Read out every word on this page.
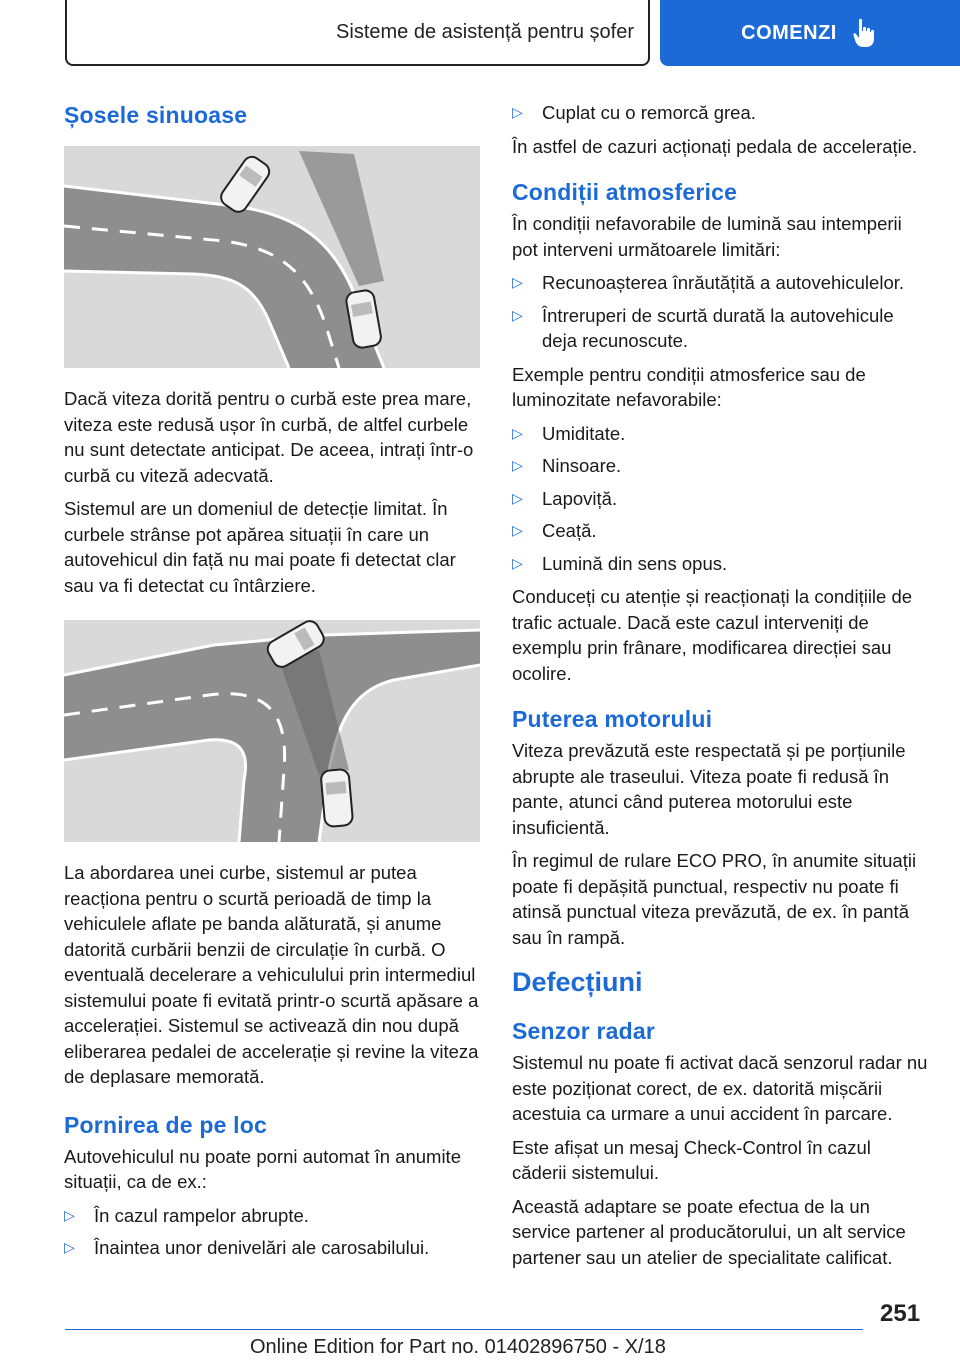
Sisteme de asistență pentru șofer	COMENZI
Șosele sinuoase

Dacă viteza dorită pentru o curbă este prea mare, viteza este redusă ușor în curbă, de altfel curbele nu sunt detectate anticipat. De aceea, intrați într-o curbă cu viteză adecvată.

Sistemul are un domeniul de detecție limitat. În curbele strânse pot apărea situații în care un autovehicul din față nu mai poate fi detectat clar sau va fi detectat cu întârziere.

La abordarea unei curbe, sistemul ar putea reacționa pentru o scurtă perioadă de timp la vehiculele aflate pe banda alăturată, și anume datorită curbării benzii de circulație în curbă. O eventuală decelerare a vehiculului prin intermediul sistemului poate fi evitată printr-o scurtă apăsare a accelerației. Sistemul se activează din nou după eliberarea pedalei de accelerație și revine la viteza de deplasare memorată.

Pornirea de pe loc

Autovehiculul nu poate porni automat în anumite situații, ca de ex.:

▷ În cazul rampelor abrupte.
▷ Înaintea unor denivelări ale carosabilului.
▷ Cuplat cu o remorcă grea.

În astfel de cazuri acționați pedala de accelerație.

Condiții atmosferice

În condiții nefavorabile de lumină sau intemperii pot interveni următoarele limitări:

▷ Recunoașterea înrăutățită a autovehiculelor.
▷ Întreruperi de scurtă durată la autovehicule deja recunoscute.

Exemple pentru condiții atmosferice sau de luminozitate nefavorabile:

▷ Umiditate.
▷ Ninsoare.
▷ Lapoviță.
▷ Ceață.
▷ Lumină din sens opus.

Conduceți cu atenție și reacționați la condițiile de trafic actuale. Dacă este cazul interveniți de exemplu prin frânare, modificarea direcției sau ocolire.

Puterea motorului

Viteza prevăzută este respectată și pe porțiunile abrupte ale traseului. Viteza poate fi redusă în pante, atunci când puterea motorului este insuficientă.

În regimul de rulare ECO PRO, în anumite situații poate fi depășită punctual, respectiv nu poate fi atinsă punctual viteza prevăzută, de ex. în pantă sau în rampă.

Defecțiuni
Senzor radar

Sistemul nu poate fi activat dacă senzorul radar nu este poziționat corect, de ex. datorită mișcării acestuia ca urmare a unui accident în parcare.

Este afișat un mesaj Check-Control în cazul căderii sistemului.

Această adaptare se poate efectua de la un service partener al producătorului, un alt service partener sau un atelier de specialitate calificat.

251
Online Edition for Part no. 01402896750 - X/18
